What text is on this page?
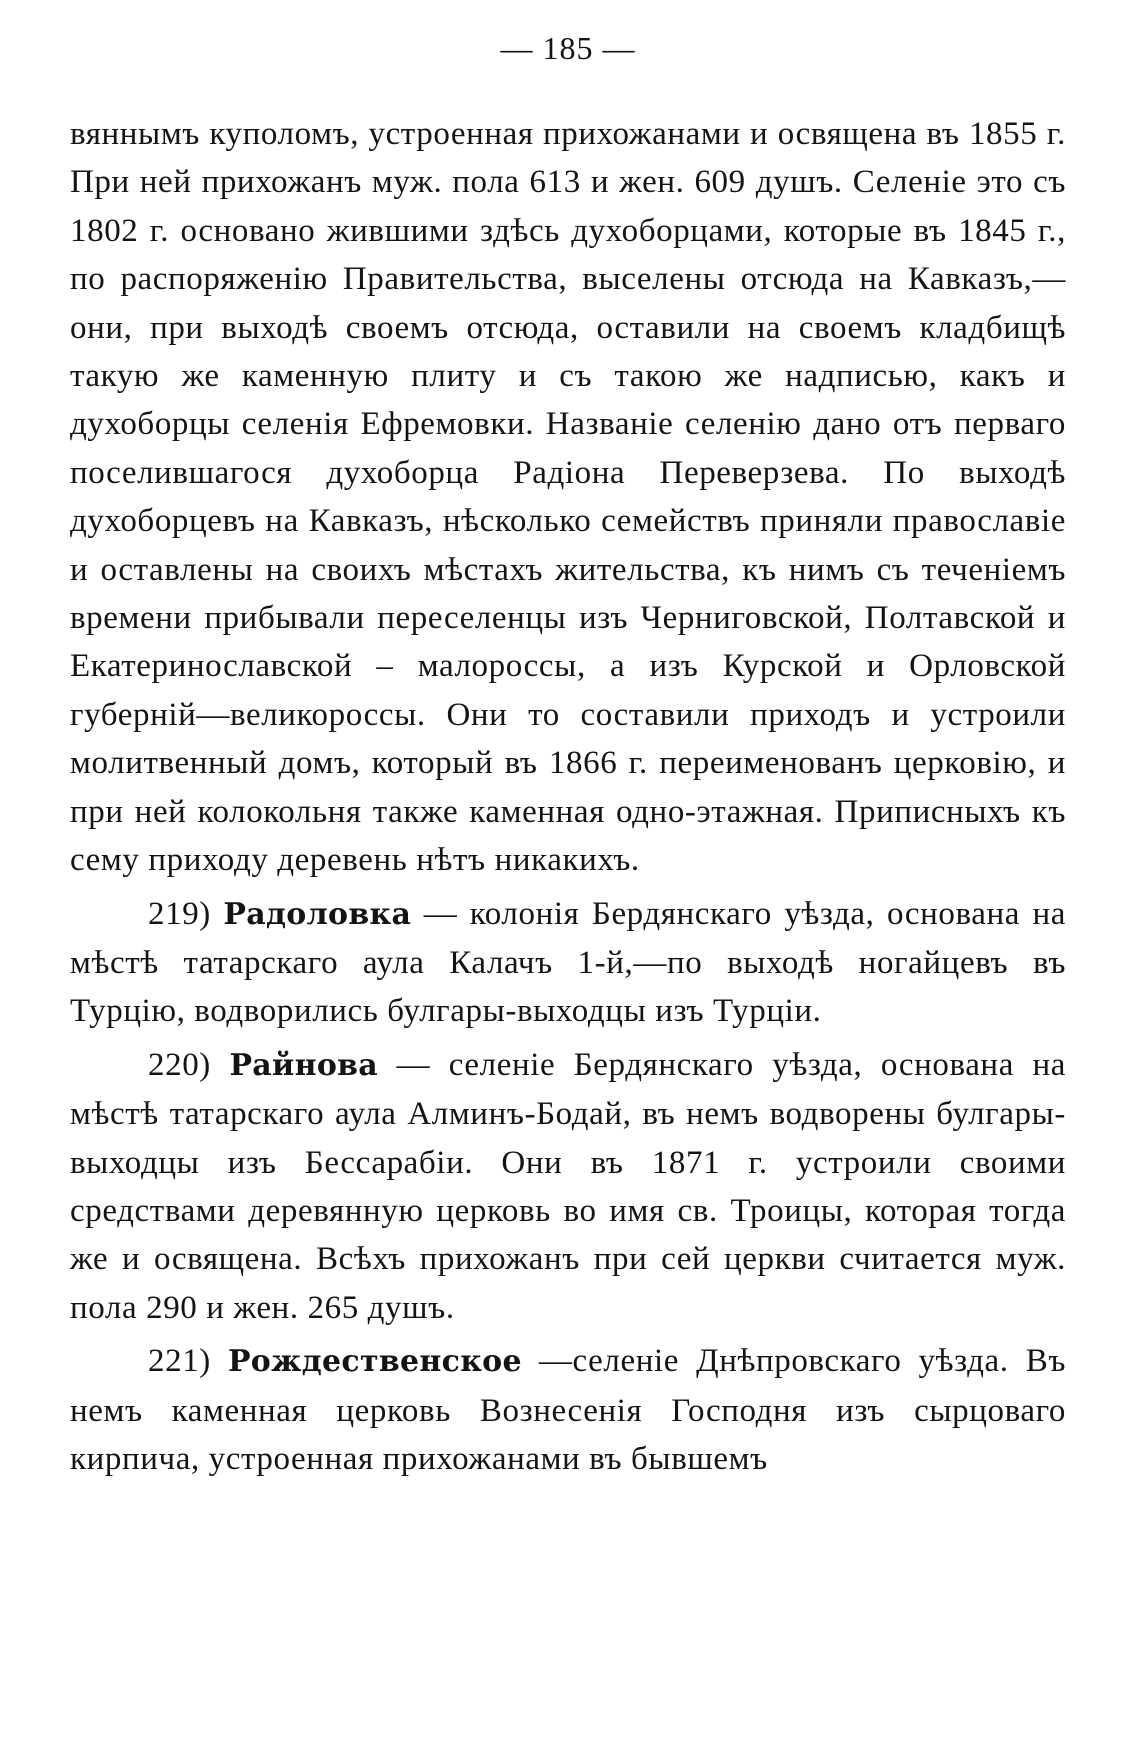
— 185 —

вяннымъ куполомъ, устроенная прихожанами и освящена въ 1855 г. При ней прихожанъ муж. пола 613 и жен. 609 душъ. Селеніе это съ 1802 г. основано жившими здѣсь духоборцами, которые въ 1845 г., по распоряженію Правительства, выселены отсюда на Кавказъ,—они, при выходѣ своемъ отсюда, оставили на своемъ кладбищѣ такую же каменную плиту и съ такою же надписью, какъ и духоборцы селенія Ефремовки. Названіе селенію дано отъ перваго поселившагося духоборца Радіона Переверзева. По выходѣ духоборцевъ на Кавказъ, нѣсколько семействъ приняли православіе и оставлены на своихъ мѣстахъ жительства, къ нимъ съ теченіемъ времени прибывали переселенцы изъ Черниговской, Полтавской и Екатеринославской – малороссы, а изъ Курской и Орловской губерній—великороссы. Они то составили приходъ и устроили молитвенный домъ, который въ 1866 г. переименованъ церковію, и при ней колокольня также каменная одно-этажная. Приписныхъ къ сему приходу деревень нѣтъ никакихъ.

219) Радоловка — колонія Бердянскаго уѣзда, основана на мѣстѣ татарскаго аула Калачъ 1-й,—по выходѣ ногайцевъ въ Турцію, водворились булгары-выходцы изъ Турціи.

220) Райнова — селеніе Бердянскаго уѣзда, основана на мѣстѣ татарскаго аула Алминъ-Бодай, въ немъ водворены булгары-выходцы изъ Бессарабіи. Они въ 1871 г. устроили своими средствами деревянную церковь во имя св. Троицы, которая тогда же и освящена. Всѣхъ прихожанъ при сей церкви считается муж. пола 290 и жен. 265 душъ.

221) Рождественское —селеніе Днѣпровскаго уѣзда. Въ немъ каменная церковь Вознесенія Господня изъ сырцоваго кирпича, устроенная прихожанами въ бывшемъ
